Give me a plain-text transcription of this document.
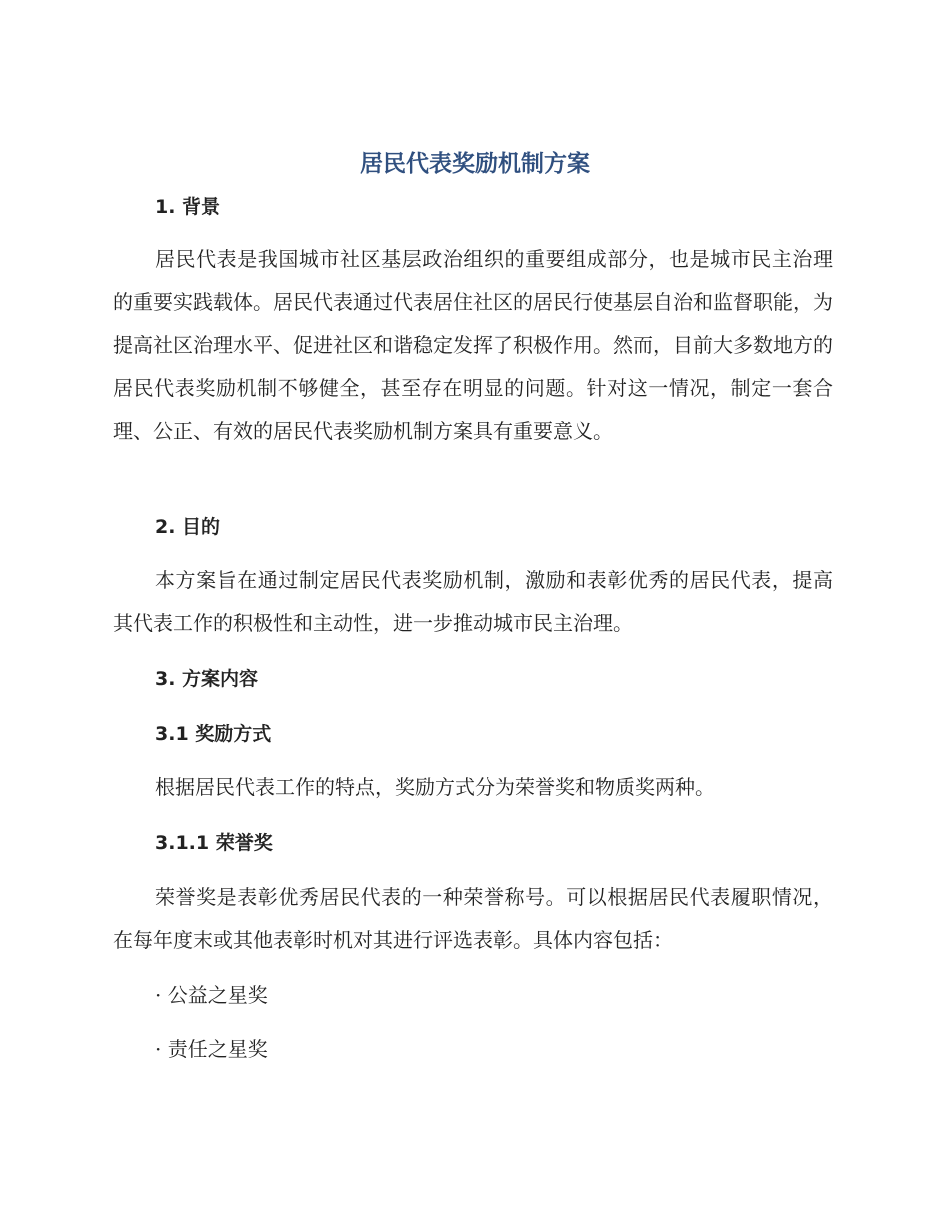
居民代表奖励机制方案
1. 背景

居民代表是我国城市社区基层政治组织的重要组成部分，也是城市民主治理的重要实践载体。居民代表通过代表居住社区的居民行使基层自治和监督职能，为提高社区治理水平、促进社区和谐稳定发挥了积极作用。然而，目前大多数地方的居民代表奖励机制不够健全，甚至存在明显的问题。针对这一情况，制定一套合理、公正、有效的居民代表奖励机制方案具有重要意义。

2. 目的

本方案旨在通过制定居民代表奖励机制，激励和表彰优秀的居民代表，提高其代表工作的积极性和主动性，进一步推动城市民主治理。

3. 方案内容
3.1 奖励方式

根据居民代表工作的特点，奖励方式分为荣誉奖和物质奖两种。

3.1.1 荣誉奖

荣誉奖是表彰优秀居民代表的一种荣誉称号。可以根据居民代表履职情况，在每年度末或其他表彰时机对其进行评选表彰。具体内容包括：

· 公益之星奖

· 责任之星奖
